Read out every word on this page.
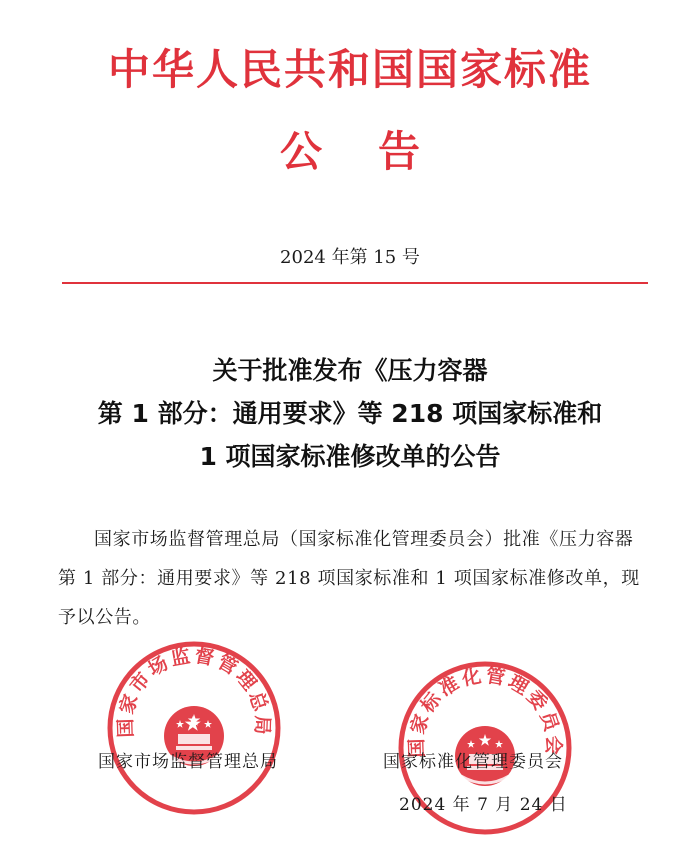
中华人民共和国国家标准
公告
2024 年第 15 号
关于批准发布《压力容器
第 1 部分：通用要求》等 218 项国家标准和
1 项国家标准修改单的公告

国家市场监督管理总局（国家标准化管理委员会）批准《压力容器 第 1 部分：通用要求》等 218 项国家标准和 1 项国家标准修改单，现予以公告。

国家市场监督管理总局
国家标准化管理委员会
国家市场监督管理总局	国家标准化管理委员会
2024 年 7 月 24 日
